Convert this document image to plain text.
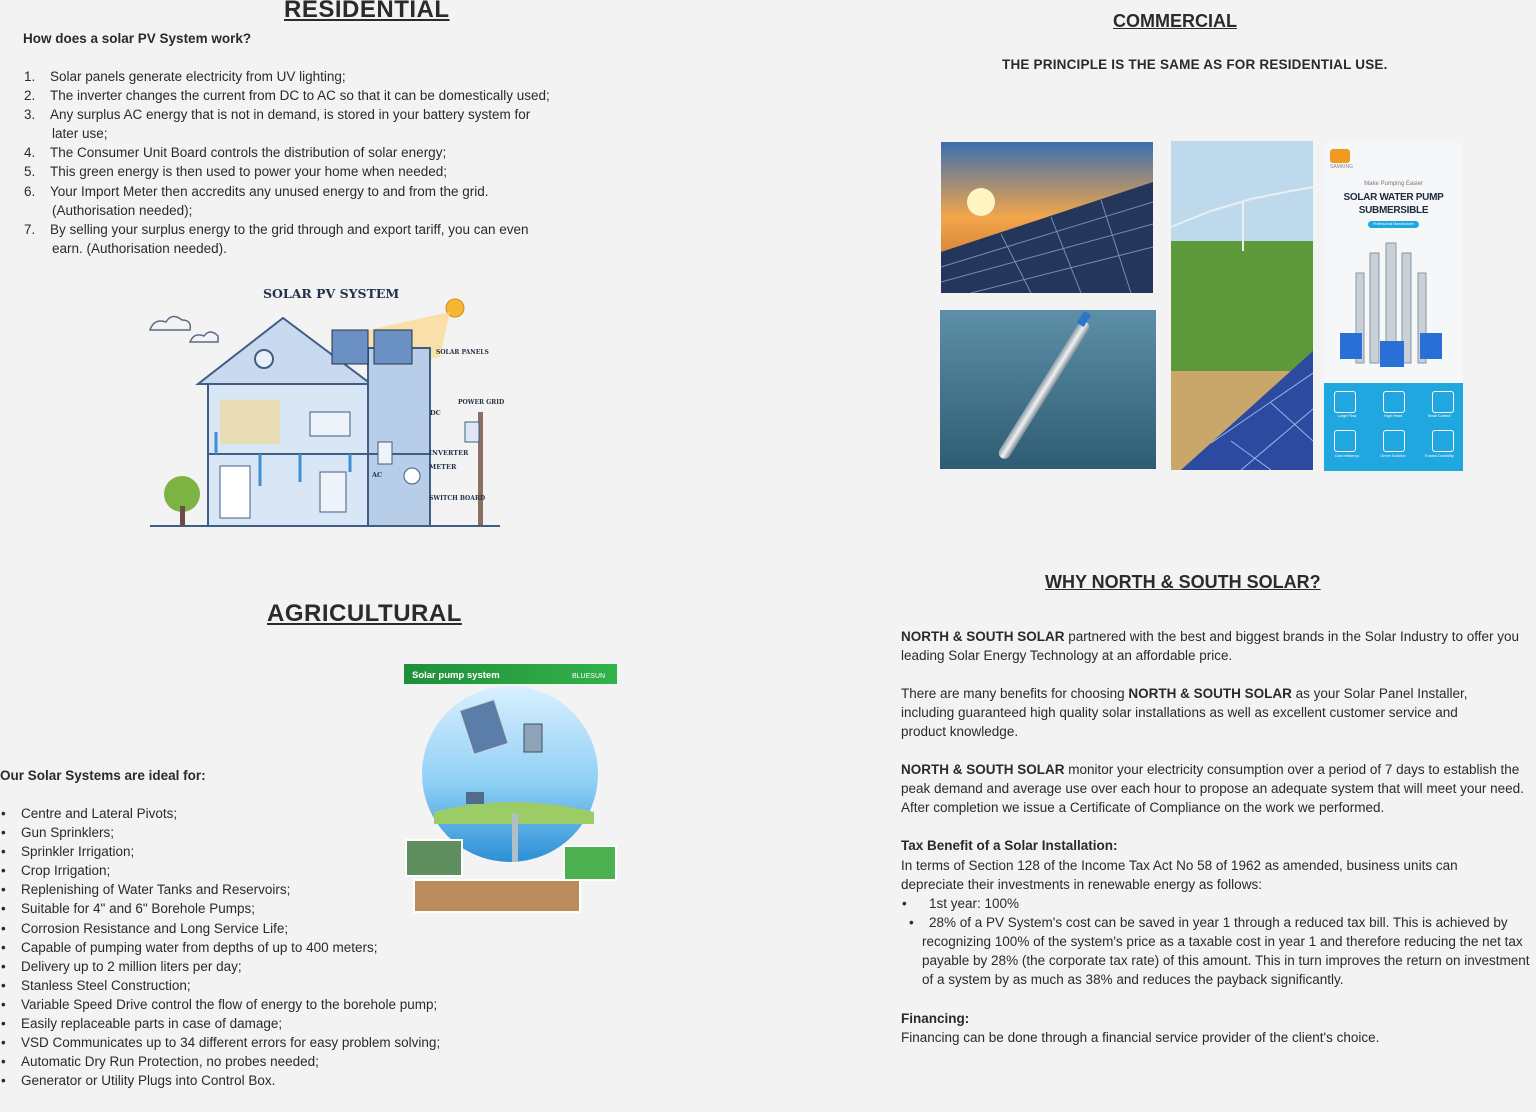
RESIDENTIAL
How does a solar PV System work?
1. Solar panels generate electricity from UV lighting;
2. The inverter changes the current from DC to AC so that it can be domestically used;
3. Any surplus AC energy that is not in demand, is stored in your battery system for
later use;
4. The Consumer Unit Board controls the distribution of solar energy;
5. This green energy is then used to power your home when needed;
6. Your Import Meter then accredits any unused energy to and from the grid.
(Authorisation needed);
7. By selling your surplus energy to the grid through and export tariff, you can even
earn. (Authorisation needed).
SOLAR PV SYSTEM
SOLAR PANELS
DC
POWER GRID
INVERTER
METER
AC
SWITCH BOARD
AGRICULTURAL
Our Solar Systems are ideal for:
• Centre and Lateral Pivots;
• Gun Sprinklers;
• Sprinkler Irrigation;
• Crop Irrigation;
• Replenishing of Water Tanks and Reservoirs;
• Suitable for 4" and 6" Borehole Pumps;
• Corrosion Resistance and Long Service Life;
• Capable of pumping water from depths of up to 400 meters;
• Delivery up to 2 million liters per day;
• Stanless Steel Construction;
• Variable Speed Drive control the flow of energy to the borehole pump;
• Easily replaceable parts in case of damage;
• VSD Communicates up to 34 different errors for easy problem solving;
• Automatic Dry Run Protection, no probes needed;
• Generator or Utility Plugs into Control Box.
Solar pump system	BLUESUN
COMMERCIAL
THE PRINCIPLE IS THE SAME AS FOR RESIDENTIAL USE.
SAMKING
Make Pumping Easier
SOLAR WATER PUMP
SUBMERSIBLE
Professional Manufacturer
Large Flow	High Head	Small Control
Cost efficiency	Green Solution	Trusted Durability
WHY NORTH & SOUTH SOLAR?
NORTH & SOUTH SOLAR partnered with the best and biggest brands in the Solar Industry to offer you leading Solar Energy Technology at an affordable price.
There are many benefits for choosing NORTH & SOUTH SOLAR as your Solar Panel Installer, including guaranteed high quality solar installations as well as excellent customer service and product knowledge.
NORTH & SOUTH SOLAR monitor your electricity consumption over a period of 7 days to establish the peak demand and average use over each hour to propose an adequate system that will meet your need. After completion we issue a Certificate of Compliance on the work we performed.
Tax Benefit of a Solar Installation:
In terms of Section 128 of the Income Tax Act No 58 of 1962 as amended, business units can depreciate their investments in renewable energy as follows:
• 1st year: 100%
• 28% of a PV System's cost can be saved in year 1 through a reduced tax bill. This is achieved by recognizing 100% of the system's price as a taxable cost in year 1 and therefore reducing the net tax payable by 28% (the corporate tax rate) of this amount. This in turn improves the return on investment of a system by as much as 38% and reduces the payback significantly.
Financing:
Financing can be done through a financial service provider of the client's choice.
